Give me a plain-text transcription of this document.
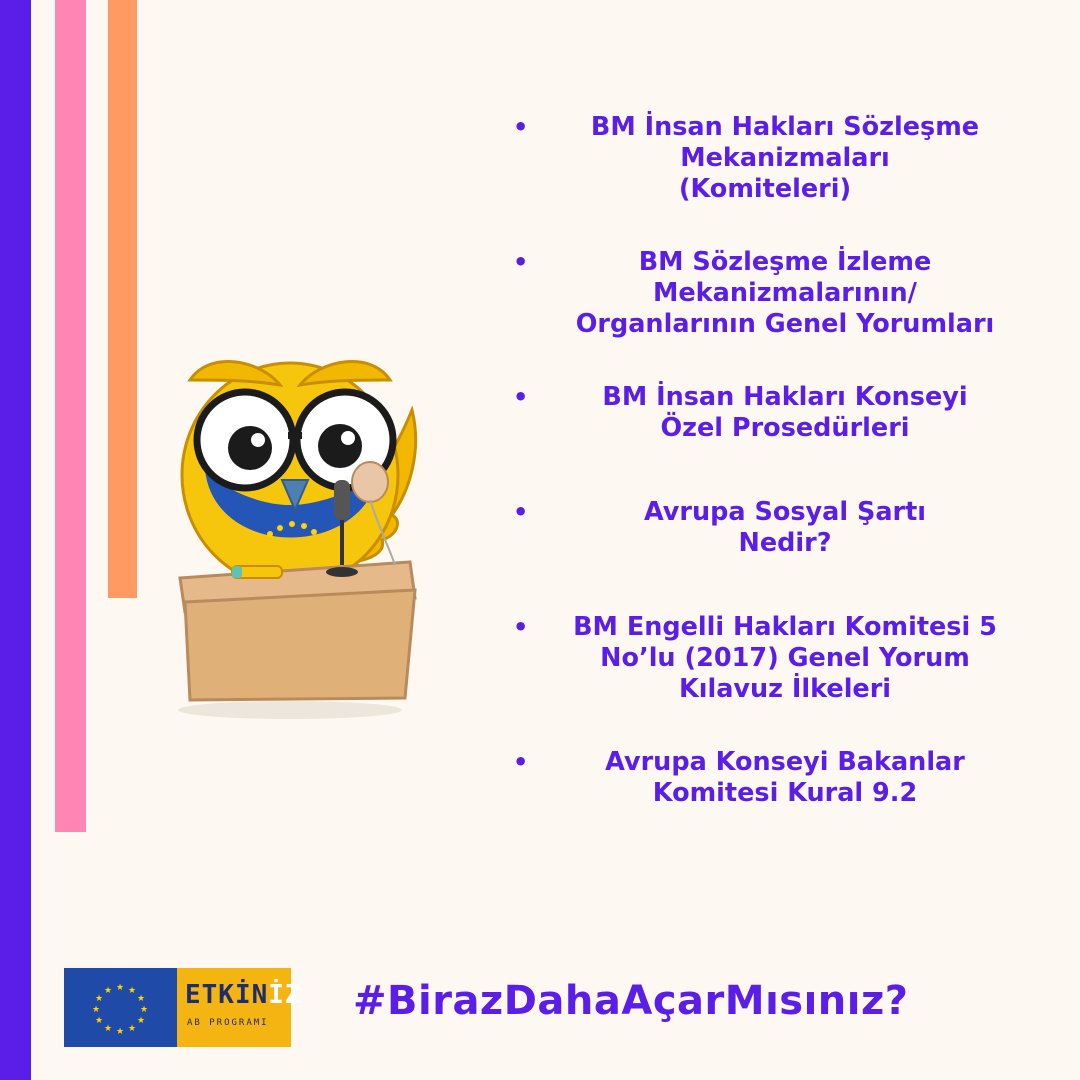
• BM İnsan Hakları Sözleşme
Mekanizmaları
(Komiteleri)
• BM Sözleşme İzleme
Mekanizmalarının/
Organlarının Genel Yorumları
• BM İnsan Hakları Konseyi
Özel Prosedürleri
• Avrupa Sosyal Şartı
Nedir?
• BM Engelli Hakları Komitesi 5
No’lu (2017) Genel Yorum
Kılavuz İlkeleri
• Avrupa Konseyi Bakanlar
Komitesi Kural 9.2
★ ★
★
★
★
★
★
★
★
★
★
★	ETKİNİZ
AB PROGRAMI #BirazDahaAçarMısınız?
